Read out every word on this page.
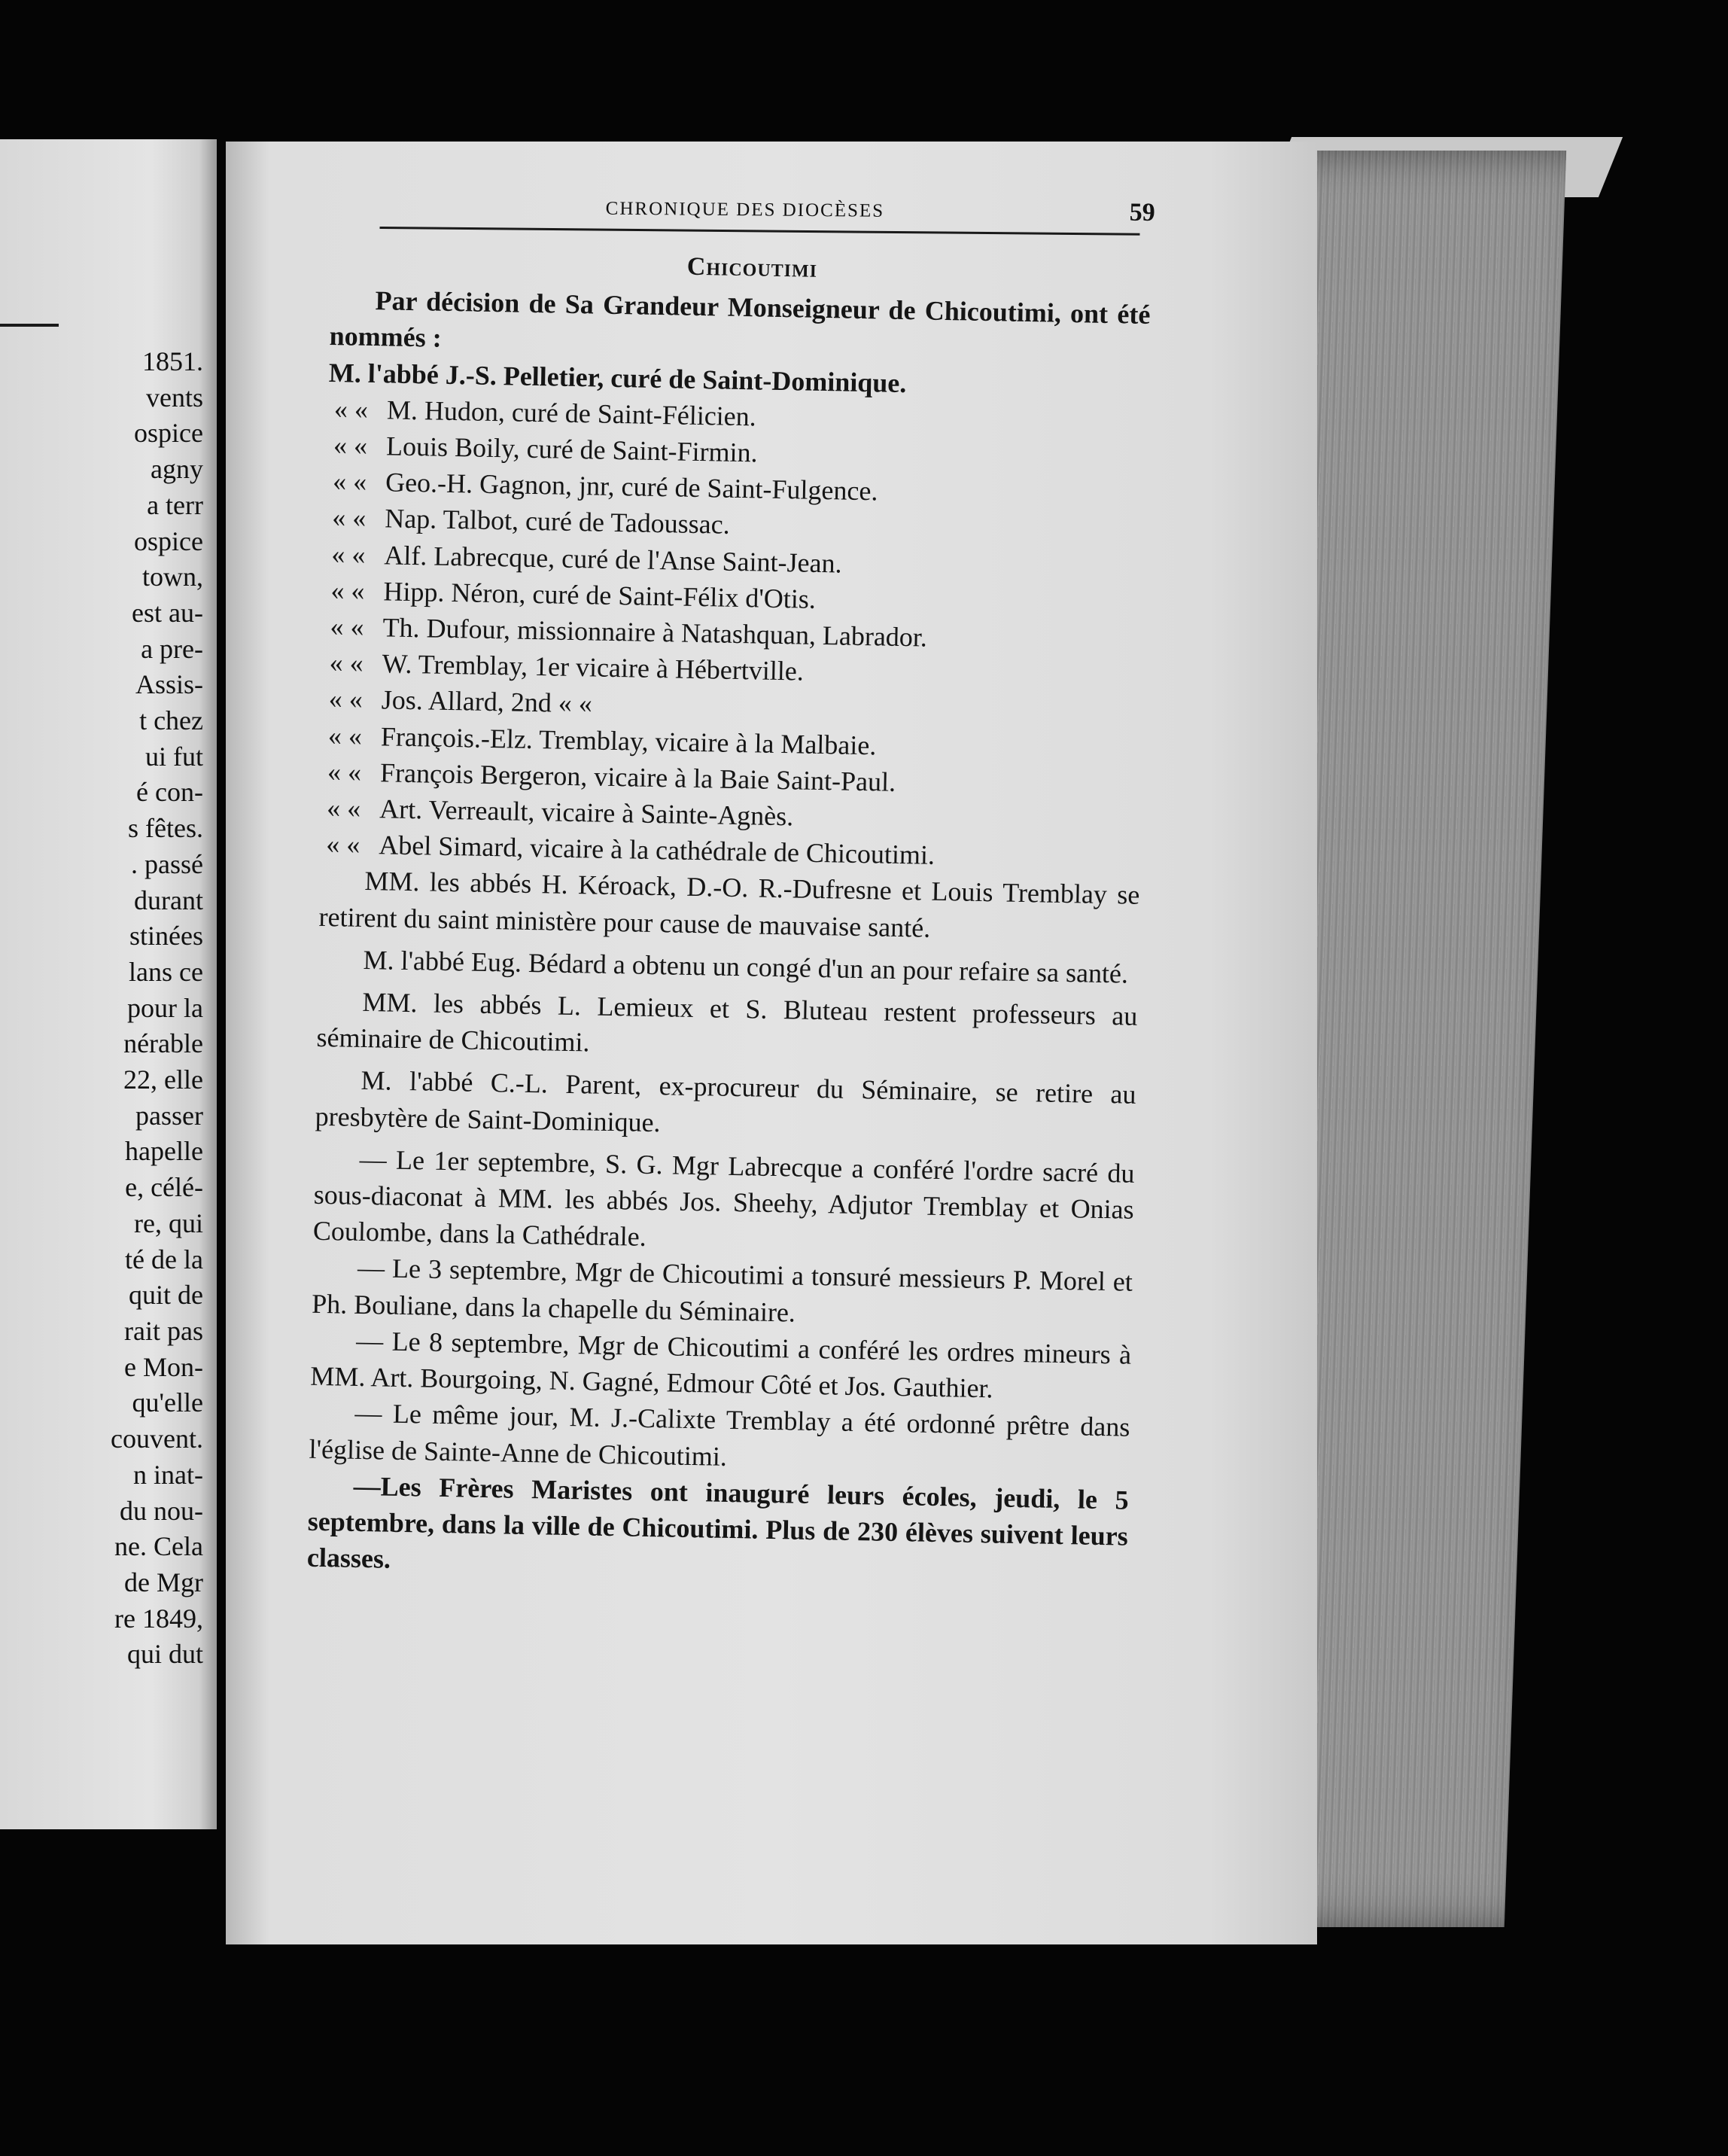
1851.
vents
ospice
agny
a terr
ospice
town,
est au-
a pre-
Assis-
t chez
ui fut
é con-
s fêtes.
. passé
durant
stinées
lans ce
pour la
nérable
22, elle
passer
hapelle
e, célé-
re, qui
té de la
quit de
rait pas
e Mon-
qu'elle
couvent.
n inat-
du nou-
ne. Cela
de Mgr
re 1849,
qui dut
CHRONIQUE DES DIOCÈSES	59
Chicoutimi

Par décision de Sa Grandeur Monseigneur de Chicoutimi, ont été nommés :

M. l'abbé J.-S. Pelletier, curé de Saint-Dominique.

« « M. Hudon, curé de Saint-Félicien.

« « Louis Boily, curé de Saint-Firmin.

« « Geo.-H. Gagnon, jnr, curé de Saint-Fulgence.

« « Nap. Talbot, curé de Tadoussac.

« « Alf. Labrecque, curé de l'Anse Saint-Jean.

« « Hipp. Néron, curé de Saint-Félix d'Otis.

« « Th. Dufour, missionnaire à Natashquan, Labrador.

« « W. Tremblay, 1er vicaire à Hébertville.

« « Jos. Allard, 2nd « «

« « François.-Elz. Tremblay, vicaire à la Malbaie.

« « François Bergeron, vicaire à la Baie Saint-Paul.

« « Art. Verreault, vicaire à Sainte-Agnès.

« « Abel Simard, vicaire à la cathédrale de Chicoutimi.

MM. les abbés H. Kéroack, D.-O. R.-Dufresne et Louis Tremblay se retirent du saint ministère pour cause de mauvaise santé.

M. l'abbé Eug. Bédard a obtenu un congé d'un an pour refaire sa santé.

MM. les abbés L. Lemieux et S. Bluteau restent professeurs au séminaire de Chicoutimi.

M. l'abbé C.-L. Parent, ex-procureur du Séminaire, se retire au presbytère de Saint-Dominique.

— Le 1er septembre, S. G. Mgr Labrecque a conféré l'ordre sacré du sous-diaconat à MM. les abbés Jos. Sheehy, Adjutor Tremblay et Onias Coulombe, dans la Cathédrale.

— Le 3 septembre, Mgr de Chicoutimi a tonsuré messieurs P. Morel et Ph. Bouliane, dans la chapelle du Séminaire.

— Le 8 septembre, Mgr de Chicoutimi a conféré les ordres mineurs à MM. Art. Bourgoing, N. Gagné, Edmour Côté et Jos. Gauthier.

— Le même jour, M. J.-Calixte Tremblay a été ordonné prêtre dans l'église de Sainte-Anne de Chicoutimi.

—Les Frères Maristes ont inauguré leurs écoles, jeudi, le 5 septembre, dans la ville de Chicoutimi. Plus de 230 élèves suivent leurs classes.
